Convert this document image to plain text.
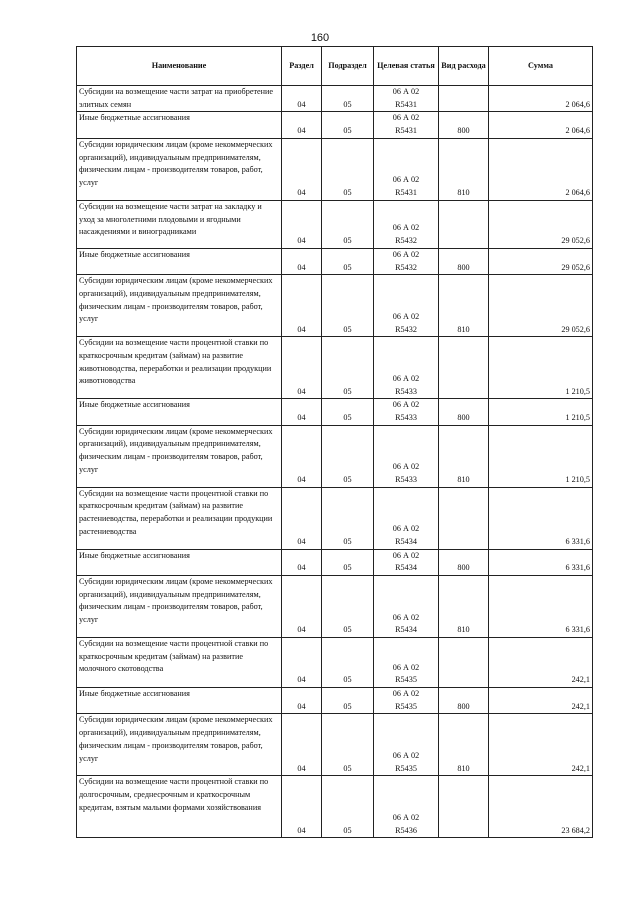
160
Наименование	Раздел	Подраздел	Целевая статья	Вид расхода	Сумма
Субсидии на возмещение части затрат на приобретение элитных семян	04	05	06 А 02
R5431		2 064,6
Иные бюджетные ассигнования	04	05	06 А 02
R5431	800	2 064,6
Субсидии юридическим лицам (кроме некоммерческих организаций), индивидуальным предпринимателям, физическим лицам - производителям товаров, работ, услуг	04	05	06 А 02
R5431	810	2 064,6
Субсидии на возмещение части затрат на закладку и уход за многолетними плодовыми и ягодными насаждениями и виноградниками	04	05	06 А 02
R5432		29 052,6
Иные бюджетные ассигнования	04	05	06 А 02
R5432	800	29 052,6
Субсидии юридическим лицам (кроме некоммерческих организаций), индивидуальным предпринимателям, физическим лицам - производителям товаров, работ, услуг	04	05	06 А 02
R5432	810	29 052,6
Субсидии на возмещение части процентной ставки по краткосрочным кредитам (займам) на развитие животноводства, переработки и реализации продукции животноводства	04	05	06 А 02
R5433		1 210,5
Иные бюджетные ассигнования	04	05	06 А 02
R5433	800	1 210,5
Субсидии юридическим лицам (кроме некоммерческих организаций), индивидуальным предпринимателям, физическим лицам - производителям товаров, работ, услуг	04	05	06 А 02
R5433	810	1 210,5
Субсидии на возмещение части процентной ставки по краткосрочным кредитам (займам) на развитие растениеводства, переработки и реализации продукции растениеводства	04	05	06 А 02
R5434		6 331,6
Иные бюджетные ассигнования	04	05	06 А 02
R5434	800	6 331,6
Субсидии юридическим лицам (кроме некоммерческих организаций), индивидуальным предпринимателям, физическим лицам - производителям товаров, работ, услуг	04	05	06 А 02
R5434	810	6 331,6
Субсидии на возмещение части процентной ставки по краткосрочным кредитам (займам) на развитие молочного скотоводства	04	05	06 А 02
R5435		242,1
Иные бюджетные ассигнования	04	05	06 А 02
R5435	800	242,1
Субсидии юридическим лицам (кроме некоммерческих организаций), индивидуальным предпринимателям, физическим лицам - производителям товаров, работ, услуг	04	05	06 А 02
R5435	810	242,1
Субсидии на возмещение части процентной ставки по долгосрочным, среднесрочным и краткосрочным кредитам, взятым малыми формами хозяйствования	04	05	06 А 02
R5436		23 684,2
